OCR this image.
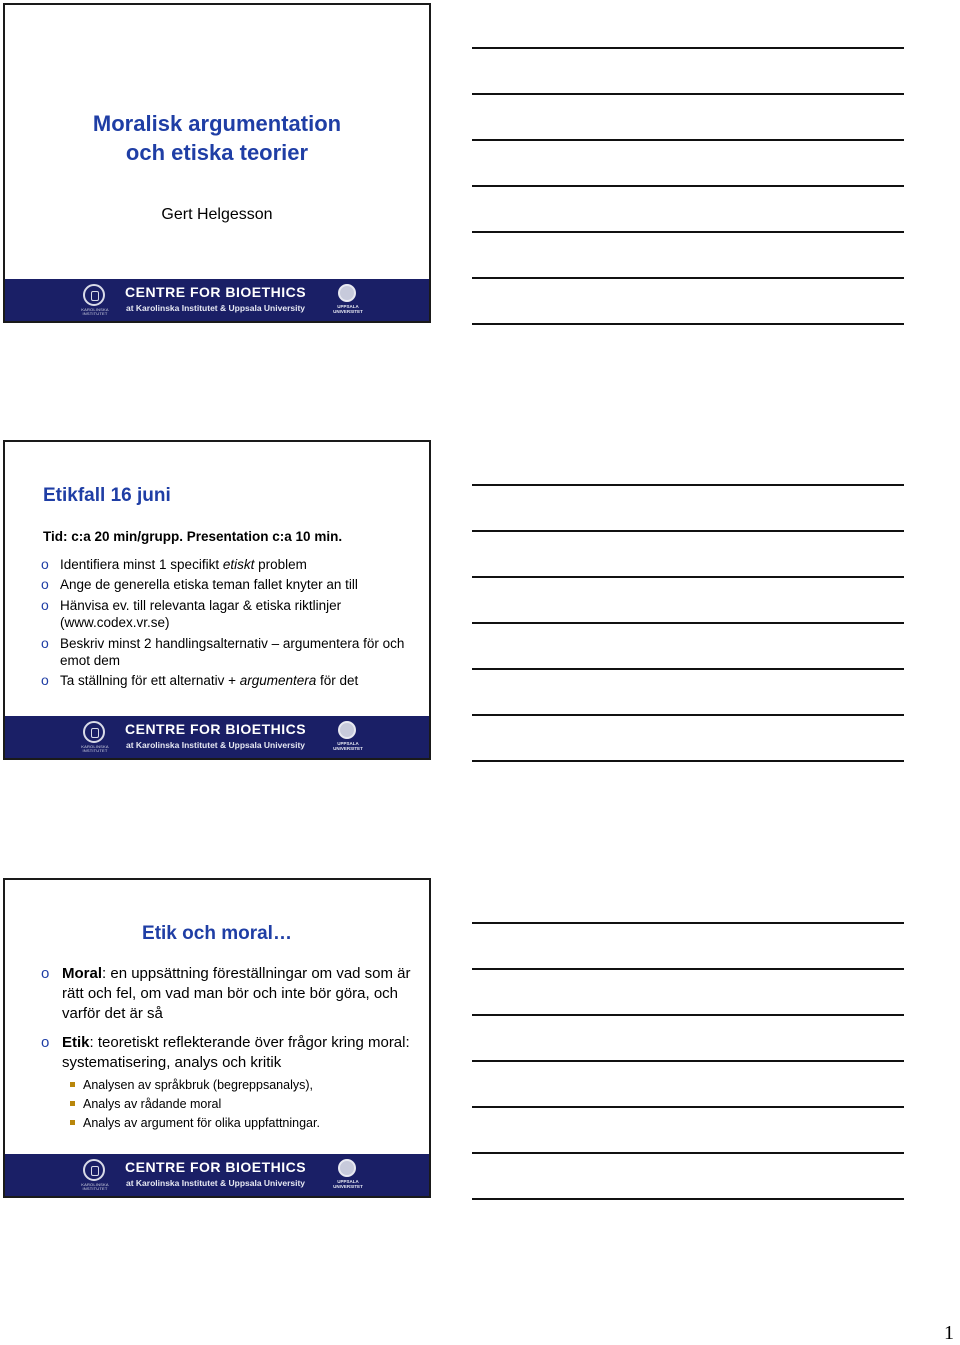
Moralisk argumentation
och etiska teorier
Gert Helgesson
KAROLINSKA INSTITUTET
CENTRE FOR BIOETHICS
at Karolinska Institutet & Uppsala University	UPPSALA UNIVERSITET
Etikfall 16 juni
Tid: c:a 20 min/grupp. Presentation c:a 10 min.
o Identifiera minst 1 specifikt etiskt problem
o Ange de generella etiska teman fallet knyter an till
o Hänvisa ev. till relevanta lagar & etiska riktlinjer (www.codex.vr.se)
o Beskriv minst 2 handlingsalternativ – argumentera för och emot dem
o Ta ställning för ett alternativ + argumentera för det
KAROLINSKA INSTITUTET
CENTRE FOR BIOETHICS
at Karolinska Institutet & Uppsala University	UPPSALA UNIVERSITET
Etik och moral…
o Moral: en uppsättning föreställningar om vad som är rätt och fel, om vad man bör och inte bör göra, och varför det är så
o Etik: teoretiskt reflekterande över frågor kring moral: systematisering, analys och kritik
Analysen av språkbruk (begreppsanalys),
Analys av rådande moral
Analys av argument för olika uppfattningar.
KAROLINSKA INSTITUTET
CENTRE FOR BIOETHICS
at Karolinska Institutet & Uppsala University	UPPSALA UNIVERSITET
1
